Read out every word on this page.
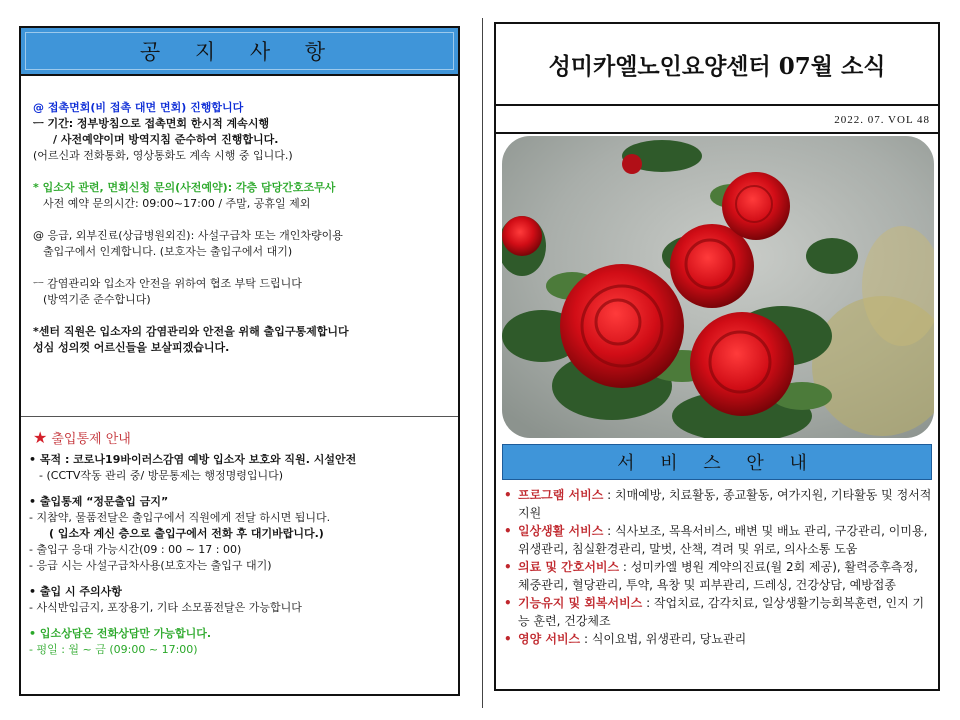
공 지 사 항

@ 접촉면회(비 접촉 대면 면회) 진행합니다

ㅡ 기간: 정부방침으로 접촉면회 한시적 계속시행

/ 사전예약이며 방역지침 준수하여 진행합니다.

(어르신과 전화통화, 영상통화도 계속 시행 중 입니다.)

* 입소자 관련, 면회신청 문의(사전예약): 각층 담당간호조무사

사전 예약 문의시간: 09:00~17:00 / 주말, 공휴일 제외

@ 응급, 외부진료(상급병원외진): 사설구급차 또는 개인차량이용

출입구에서 인계합니다. (보호자는 출입구에서 대기)

ㅡ 감염관리와 입소자 안전을 위하여 협조 부탁 드립니다

(방역기준 준수합니다)

*센터 직원은 입소자의 감염관리와 안전을 위해 출입구통제합니다

성심 성의껏 어르신들을 보살피겠습니다.

★ 출입통제 안내

• 목적 : 코로나19바이러스감염 예방 입소자 보호와 직원. 시설안전

- (CCTV작동 관리 중/ 방문통제는 행정명령입니다)

• 출입통제 “정문출입 금지”

- 지참약, 물품전달은 출입구에서 직원에게 전달 하시면 됩니다.

( 입소자 계신 층으로 출입구에서 전화 후 대기바랍니다.)

- 출입구 응대 가능시간(09 : 00 ~ 17 : 00)

- 응급 시는 사설구급차사용(보호자는 출입구 대기)

• 출입 시 주의사항

- 사식반입금지, 포장용기, 기타 소모품전달은 가능합니다

• 입소상담은 전화상담만 가능합니다.

- 평일 : 월 ~ 금 (09:00 ~ 17:00)

성미카엘노인요양센터 07월 소식
2022. 07. VOL 48
서 비 스 안 내
• 프로그램 서비스 : 치매예방, 치료활동, 종교활동, 여가지원, 기타활동 및 정서적 지원
• 일상생활 서비스 : 식사보조, 목욕서비스, 배변 및 배뇨 관리, 구강관리, 이미용, 위생관리, 침실환경관리, 말벗, 산책, 격려 및 위로, 의사소통 도움
• 의료 및 간호서비스 : 성미카엘 병원 계약의진료(월 2회 제공), 활력증후측정, 체중관리, 혈당관리, 투약, 욕창 및 피부관리, 드레싱, 건강상담, 예방접종
• 기능유지 및 회복서비스 : 작업치료, 감각치료, 일상생활기능회복훈련, 인지 기능 훈련, 건강체조
• 영양 서비스 : 식이요법, 위생관리, 당뇨관리
